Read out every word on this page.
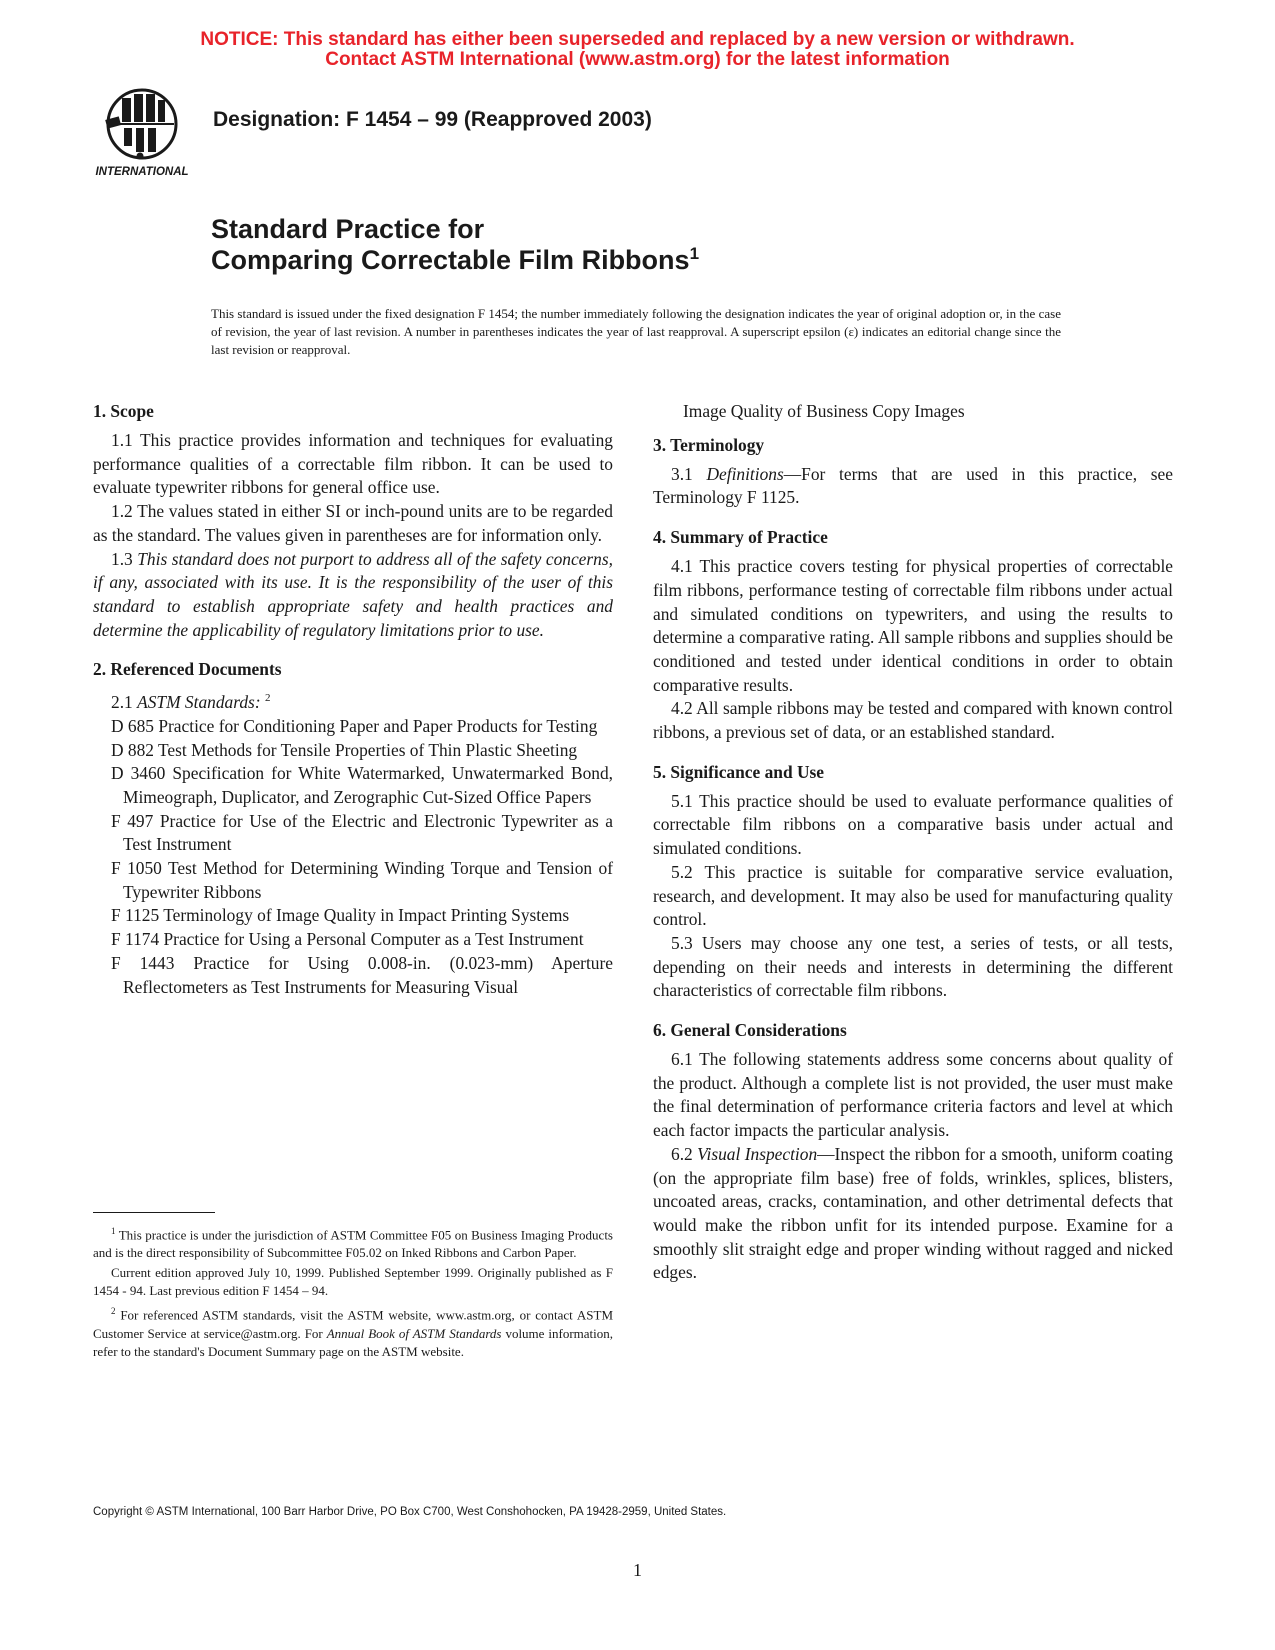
NOTICE: This standard has either been superseded and replaced by a new version or withdrawn.
Contact ASTM International (www.astm.org) for the latest information
INTERNATIONAL
Designation: F 1454 – 99 (Reapproved 2003)
Standard Practice for
Comparing Correctable Film Ribbons$^1$
This standard is issued under the fixed designation F 1454; the number immediately following the designation indicates the year of original adoption or, in the case of revision, the year of last revision. A number in parentheses indicates the year of last reapproval. A superscript epsilon (ε) indicates an editorial change since the last revision or reapproval.
1. Scope

1.1 This practice provides information and techniques for evaluating performance qualities of a correctable film ribbon. It can be used to evaluate typewriter ribbons for general office use.

1.2 The values stated in either SI or inch-pound units are to be regarded as the standard. The values given in parentheses are for information only.

1.3 This standard does not purport to address all of the safety concerns, if any, associated with its use. It is the responsibility of the user of this standard to establish appropriate safety and health practices and determine the applicability of regulatory limitations prior to use.

2. Referenced Documents

2.1 ASTM Standards: $^2$

D 685 Practice for Conditioning Paper and Paper Products for Testing

D 882 Test Methods for Tensile Properties of Thin Plastic Sheeting

D 3460 Specification for White Watermarked, Unwatermarked Bond, Mimeograph, Duplicator, and Zerographic Cut-Sized Office Papers

F 497 Practice for Use of the Electric and Electronic Typewriter as a Test Instrument

F 1050 Test Method for Determining Winding Torque and Tension of Typewriter Ribbons

F 1125 Terminology of Image Quality in Impact Printing Systems

F 1174 Practice for Using a Personal Computer as a Test Instrument

F 1443 Practice for Using 0.008-in. (0.023-mm) Aperture Reflectometers as Test Instruments for Measuring Visual

Image Quality of Business Copy Images

3. Terminology

3.1 Definitions—For terms that are used in this practice, see Terminology F 1125.

4. Summary of Practice

4.1 This practice covers testing for physical properties of correctable film ribbons, performance testing of correctable film ribbons under actual and simulated conditions on typewriters, and using the results to determine a comparative rating. All sample ribbons and supplies should be conditioned and tested under identical conditions in order to obtain comparative results.

4.2 All sample ribbons may be tested and compared with known control ribbons, a previous set of data, or an established standard.

5. Significance and Use

5.1 This practice should be used to evaluate performance qualities of correctable film ribbons on a comparative basis under actual and simulated conditions.

5.2 This practice is suitable for comparative service evaluation, research, and development. It may also be used for manufacturing quality control.

5.3 Users may choose any one test, a series of tests, or all tests, depending on their needs and interests in determining the different characteristics of correctable film ribbons.

6. General Considerations

6.1 The following statements address some concerns about quality of the product. Although a complete list is not provided, the user must make the final determination of performance criteria factors and level at which each factor impacts the particular analysis.

6.2 Visual Inspection—Inspect the ribbon for a smooth, uniform coating (on the appropriate film base) free of folds, wrinkles, splices, blisters, uncoated areas, cracks, contamination, and other detrimental defects that would make the ribbon unfit for its intended purpose. Examine for a smoothly slit straight edge and proper winding without ragged and nicked edges.

$^1$ This practice is under the jurisdiction of ASTM Committee F05 on Business Imaging Products and is the direct responsibility of Subcommittee F05.02 on Inked Ribbons and Carbon Paper.

Current edition approved July 10, 1999. Published September 1999. Originally published as F 1454 - 94. Last previous edition F 1454 – 94.

$^2$ For referenced ASTM standards, visit the ASTM website, www.astm.org, or contact ASTM Customer Service at service@astm.org. For Annual Book of ASTM Standards volume information, refer to the standard's Document Summary page on the ASTM website.

Copyright © ASTM International, 100 Barr Harbor Drive, PO Box C700, West Conshohocken, PA 19428-2959, United States.
1
